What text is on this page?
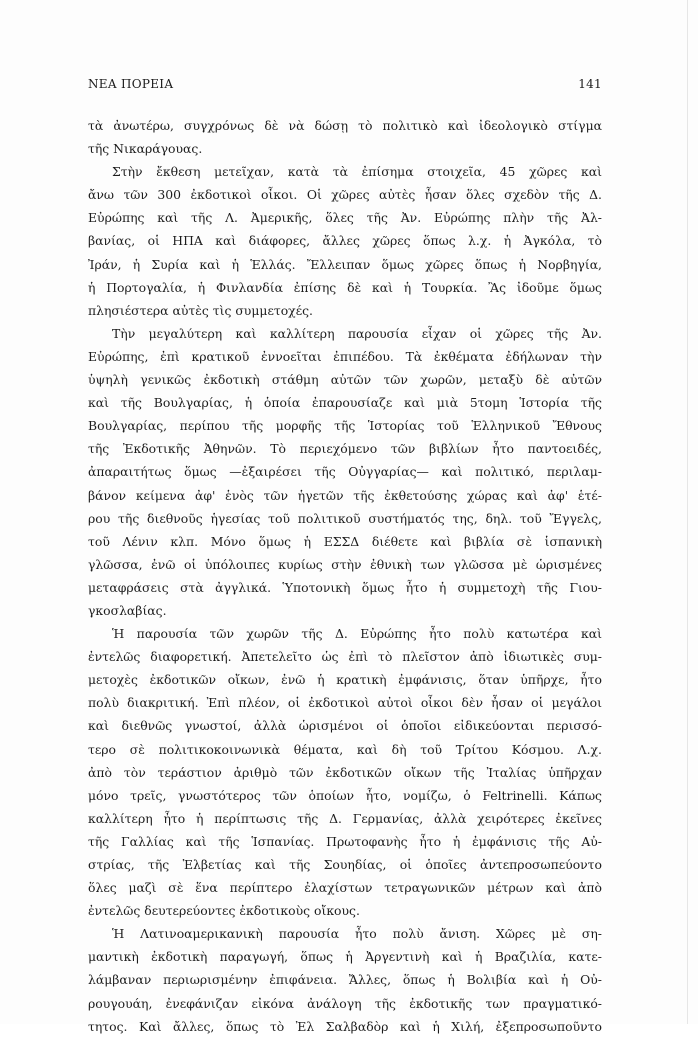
ΝΕΑ ΠΟΡΕΙΑ	141
τὰ ἀνωτέρω, συγχρόνως δὲ νὰ δώσῃ τὸ πολιτικὸ καὶ ἰδεολογικὸ στίγμα
τῆς Νικαράγουας.
Στὴν ἔκθεση μετεῖχαν, κατὰ τὰ ἐπίσημα στοιχεῖα, 45 χῶρες καὶ
ἄνω τῶν 300 ἐκδοτικοὶ οἶκοι. Οἱ χῶρες αὐτὲς ἦσαν ὅλες σχεδὸν τῆς Δ.
Εὐρώπης καὶ τῆς Λ. Ἀμερικῆς, ὅλες τῆς Ἀν. Εὐρώπης πλὴν τῆς Ἀλ-
βανίας, οἱ ΗΠΑ καὶ διάφορες, ἄλλες χῶρες ὅπως λ.χ. ἡ Ἀγκόλα, τὸ
Ἰράν, ἡ Συρία καὶ ἡ Ἑλλάς. Ἔλλειπαν ὅμως χῶρες ὅπως ἡ Νορβηγία,
ἡ Πορτογαλία, ἡ Φινλανδία ἐπίσης δὲ καὶ ἡ Τουρκία. Ἂς ἰδοῦμε ὅμως
πλησιέστερα αὐτὲς τὶς συμμετοχές.
Τὴν μεγαλύτερη καὶ καλλίτερη παρουσία εἶχαν οἱ χῶρες τῆς Ἀν.
Εὐρώπης, ἐπὶ κρατικοῦ ἐννοεῖται ἐπιπέδου. Τὰ ἐκθέματα ἐδήλωναν τὴν
ὑψηλὴ γενικῶς ἐκδοτικὴ στάθμη αὐτῶν τῶν χωρῶν, μεταξὺ δὲ αὐτῶν
καὶ τῆς Βουλγαρίας, ἡ ὁποία ἐπαρουσίαζε καὶ μιὰ 5τομη Ἱστορία τῆς
Βουλγαρίας, περίπου τῆς μορφῆς τῆς Ἱστορίας τοῦ Ἑλληνικοῦ Ἔθνους
τῆς Ἐκδοτικῆς Ἀθηνῶν. Τὸ περιεχόμενο τῶν βιβλίων ἦτο παντοειδές,
ἀπαραιτήτως ὅμως —ἐξαιρέσει τῆς Οὐγγαρίας— καὶ πολιτικό, περιλαμ-
βάνον κείμενα ἀφ' ἑνὸς τῶν ἡγετῶν τῆς ἐκθετούσης χώρας καὶ ἀφ' ἑτέ-
ρου τῆς διεθνοῦς ἡγεσίας τοῦ πολιτικοῦ συστήματός της, δηλ. τοῦ Ἔγγελς,
τοῦ Λένιν κλπ. Μόνο ὅμως ἡ ΕΣΣΔ διέθετε καὶ βιβλία σὲ ἱσπανικὴ
γλῶσσα, ἐνῶ οἱ ὑπόλοιπες κυρίως στὴν ἐθνικὴ των γλῶσσα μὲ ὡρισμένες
μεταφράσεις στὰ ἀγγλικά. Ὑποτονικὴ ὅμως ἦτο ἡ συμμετοχὴ τῆς Γιου-
γκοσλαβίας.
Ἡ παρουσία τῶν χωρῶν τῆς Δ. Εὐρώπης ἦτο πολὺ κατωτέρα καὶ
ἐντελῶς διαφορετική. Ἀπετελεῖτο ὡς ἐπὶ τὸ πλεῖστον ἀπὸ ἰδιωτικὲς συμ-
μετοχὲς ἐκδοτικῶν οἴκων, ἐνῶ ἡ κρατικὴ ἐμφάνισις, ὅταν ὑπῆρχε, ἦτο
πολὺ διακριτική. Ἐπὶ πλέον, οἱ ἐκδοτικοὶ αὐτοὶ οἶκοι δὲν ἦσαν οἱ μεγάλοι
καὶ διεθνῶς γνωστοί, ἀλλὰ ὡρισμένοι οἱ ὁποῖοι εἰδικεύονται περισσό-
τερο σὲ πολιτικοκοινωνικὰ θέματα, καὶ δὴ τοῦ Τρίτου Κόσμου. Λ.χ.
ἀπὸ τὸν τεράστιον ἀριθμὸ τῶν ἐκδοτικῶν οἴκων τῆς Ἰταλίας ὑπῆρχαν
μόνο τρεῖς, γνωστότερος τῶν ὁποίων ἦτο, νομίζω, ὁ Feltrinelli. Κάπως
καλλίτερη ἦτο ἡ περίπτωσις τῆς Δ. Γερμανίας, ἀλλὰ χειρότερες ἐκεῖνες
τῆς Γαλλίας καὶ τῆς Ἱσπανίας. Πρωτοφανὴς ἦτο ἡ ἐμφάνισις τῆς Αὐ-
στρίας, τῆς Ἑλβετίας καὶ τῆς Σουηδίας, οἱ ὁποῖες ἀντεπροσωπεύοντο
ὅλες μαζὶ σὲ ἕνα περίπτερο ἐλαχίστων τετραγωνικῶν μέτρων καὶ ἀπὸ
ἐντελῶς δευτερεύοντες ἐκδοτικοὺς οἴκους.
Ἡ Λατινοαμερικανικὴ παρουσία ἦτο πολὺ ἄνιση. Χῶρες μὲ ση-
μαντικὴ ἐκδοτικὴ παραγωγή, ὅπως ἡ Ἀργεντινὴ καὶ ἡ Βραζιλία, κατε-
λάμβαναν περιωρισμένην ἐπιφάνεια. Ἄλλες, ὅπως ἡ Βολιβία καὶ ἡ Οὐ-
ρουγουάη, ἐνεφάνιζαν εἰκόνα ἀνάλογη τῆς ἐκδοτικῆς των πραγματικό-
τητος. Καὶ ἄλλες, ὅπως τὸ Ἐλ Σαλβαδὸρ καὶ ἡ Χιλή, ἐξεπροσωποῦντο
